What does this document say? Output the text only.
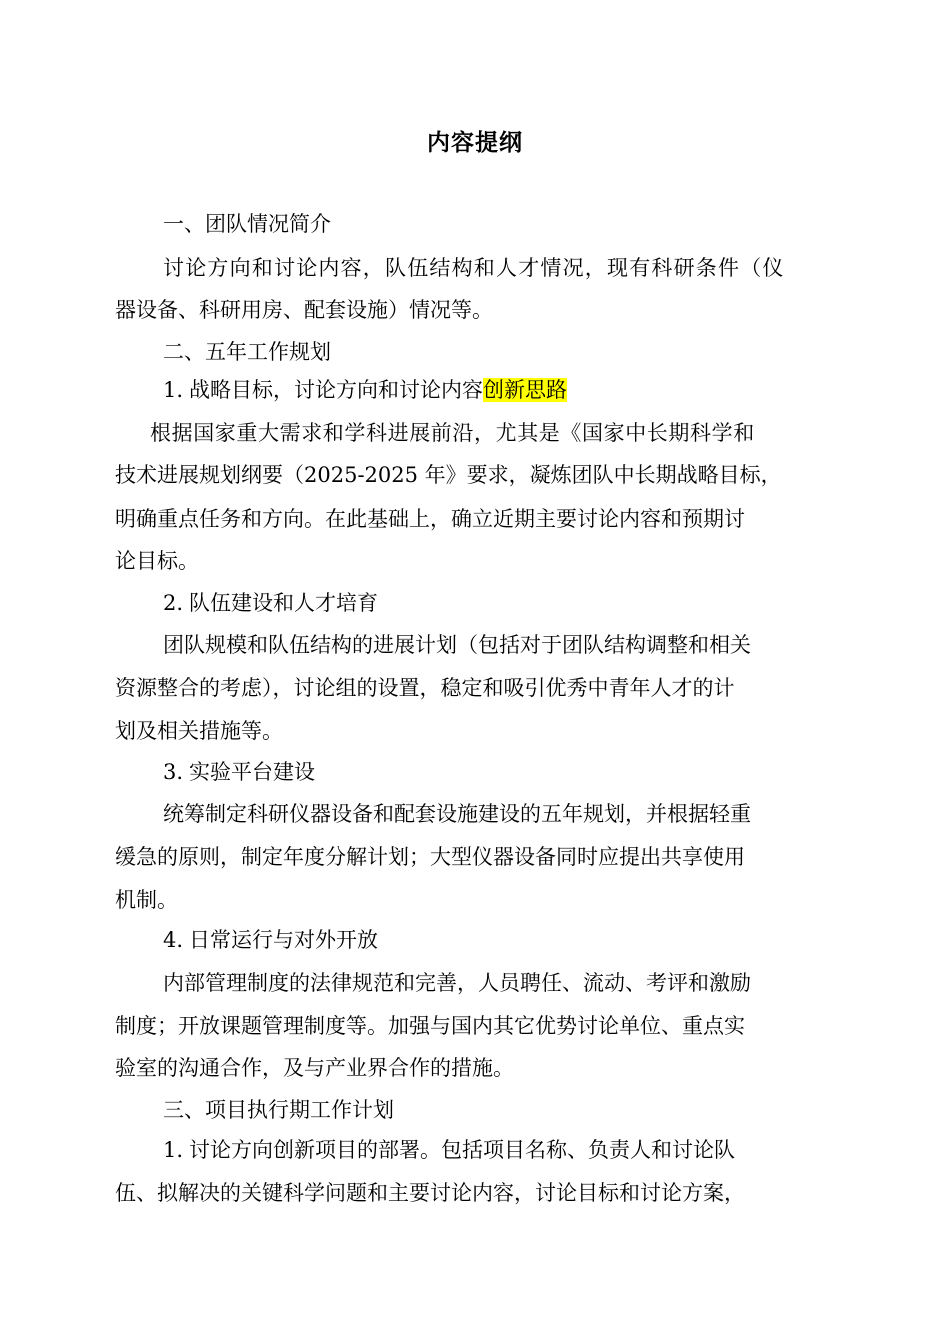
内容提纲
一、团队情况简介
讨论方向和讨论内容，队伍结构和人才情况，现有科研条件（仪
器设备、科研用房、配套设施）情况等。
二、五年工作规划
1. 战略目标，讨论方向和讨论内容创新思路
根据国家重大需求和学科进展前沿，尤其是《国家中长期科学和
技术进展规划纲要（2025-2025 年》要求，凝炼团队中长期战略目标，
明确重点任务和方向。在此基础上，确立近期主要讨论内容和预期讨
论目标。
2. 队伍建设和人才培育
团队规模和队伍结构的进展计划（包括对于团队结构调整和相关
资源整合的考虑），讨论组的设置，稳定和吸引优秀中青年人才的计
划及相关措施等。
3. 实验平台建设
统筹制定科研仪器设备和配套设施建设的五年规划，并根据轻重
缓急的原则，制定年度分解计划；大型仪器设备同时应提出共享使用
机制。
4. 日常运行与对外开放
内部管理制度的法律规范和完善，人员聘任、流动、考评和激励
制度；开放课题管理制度等。加强与国内其它优势讨论单位、重点实
验室的沟通合作，及与产业界合作的措施。
三、项目执行期工作计划
1. 讨论方向创新项目的部署。包括项目名称、负责人和讨论队
伍、拟解决的关键科学问题和主要讨论内容，讨论目标和讨论方案，
